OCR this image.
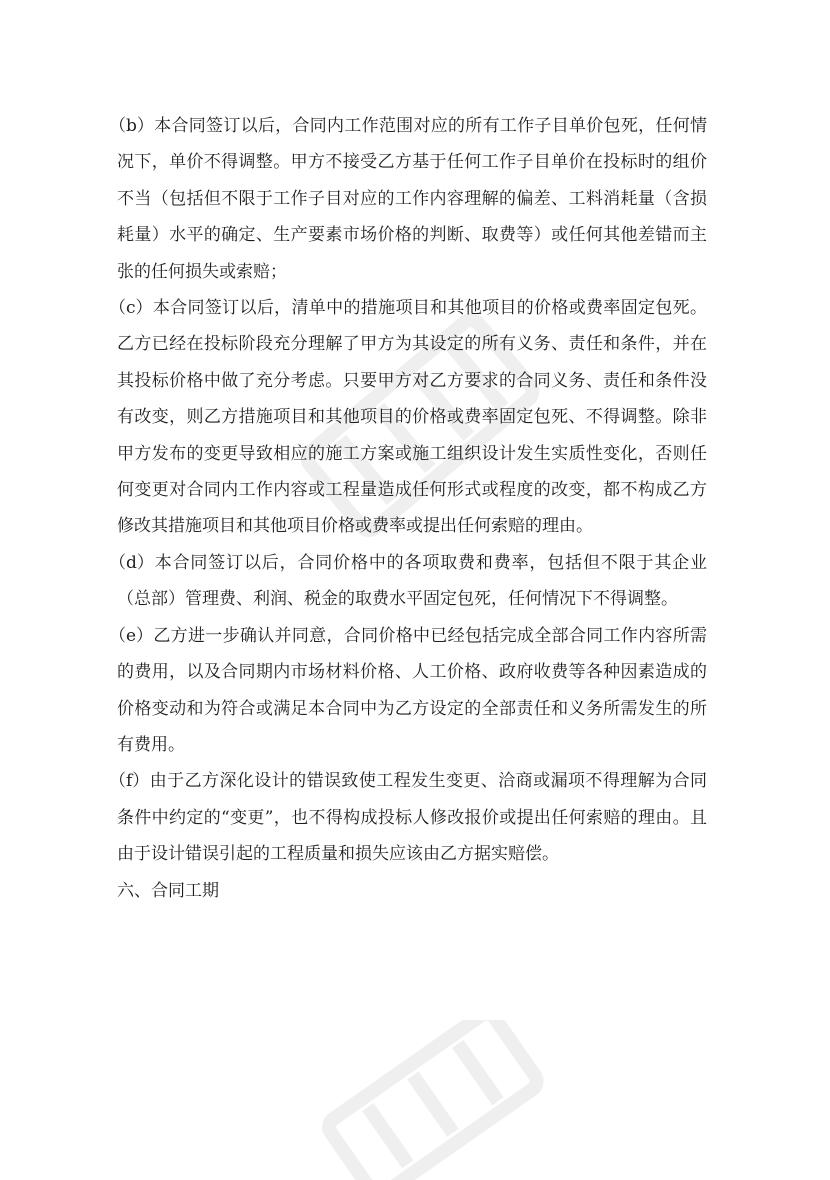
（b）本合同签订以后，合同内工作范围对应的所有工作子目单价包死，任何情况下，单价不得调整。甲方不接受乙方基于任何工作子目单价在投标时的组价不当（包括但不限于工作子目对应的工作内容理解的偏差、工料消耗量（含损耗量）水平的确定、生产要素市场价格的判断、取费等）或任何其他差错而主张的任何损失或索赔；

（c）本合同签订以后，清单中的措施项目和其他项目的价格或费率固定包死。乙方已经在投标阶段充分理解了甲方为其设定的所有义务、责任和条件，并在其投标价格中做了充分考虑。只要甲方对乙方要求的合同义务、责任和条件没有改变，则乙方措施项目和其他项目的价格或费率固定包死、不得调整。除非甲方发布的变更导致相应的施工方案或施工组织设计发生实质性变化，否则任何变更对合同内工作内容或工程量造成任何形式或程度的改变，都不构成乙方修改其措施项目和其他项目价格或费率或提出任何索赔的理由。

（d）本合同签订以后，合同价格中的各项取费和费率，包括但不限于其企业（总部）管理费、利润、税金的取费水平固定包死，任何情况下不得调整。

（e）乙方进一步确认并同意，合同价格中已经包括完成全部合同工作内容所需的费用，以及合同期内市场材料价格、人工价格、政府收费等各种因素造成的价格变动和为符合或满足本合同中为乙方设定的全部责任和义务所需发生的所有费用。

（f）由于乙方深化设计的错误致使工程发生变更、洽商或漏项不得理解为合同条件中约定的“变更”，也不得构成投标人修改报价或提出任何索赔的理由。且由于设计错误引起的工程质量和损失应该由乙方据实赔偿。

六、合同工期
